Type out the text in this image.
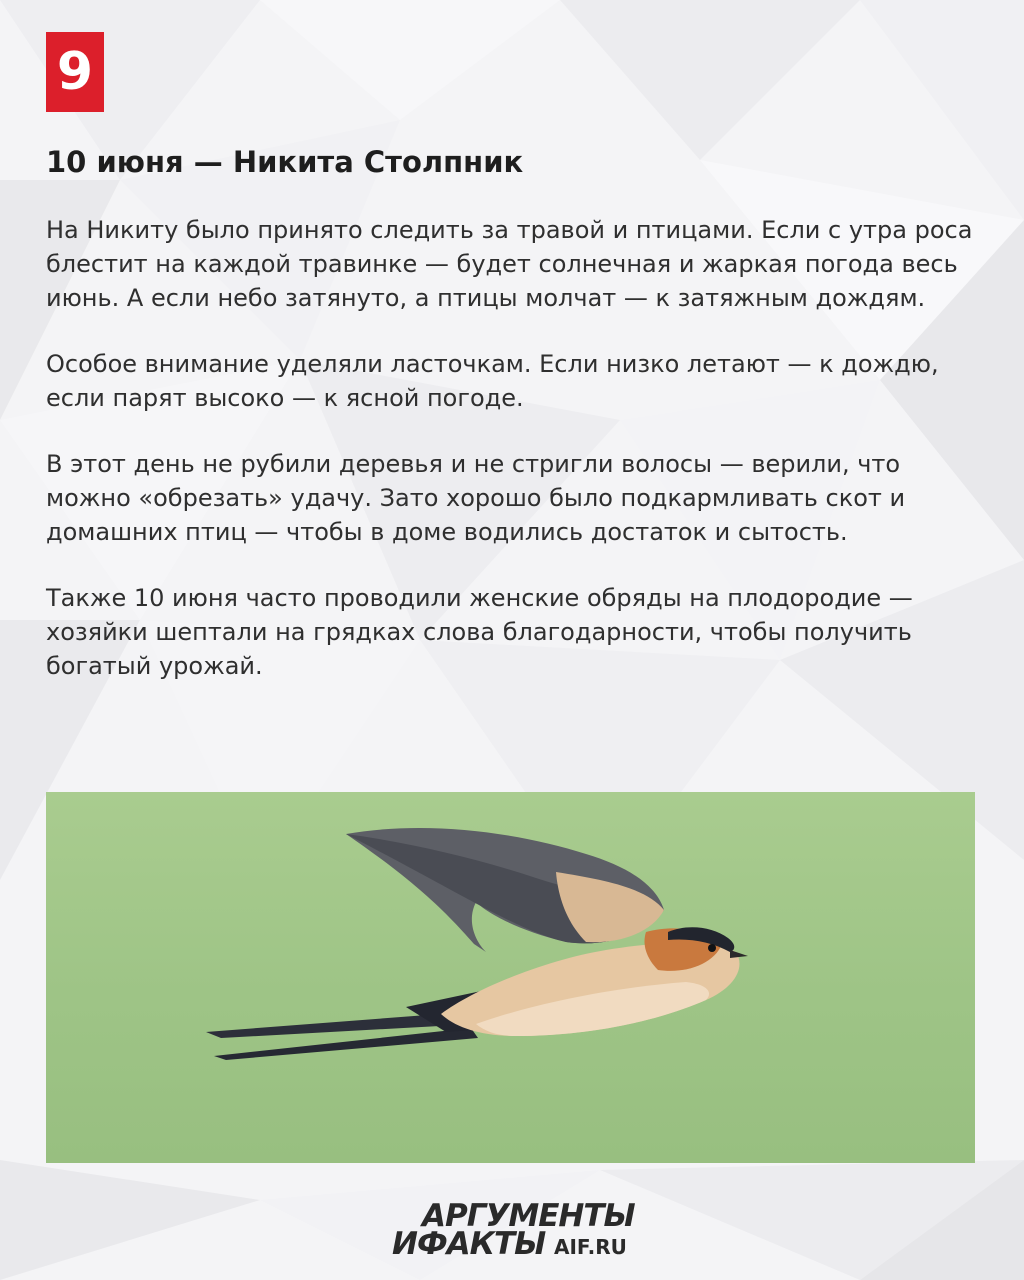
9
10 июня — Никита Столпник

На Никиту было принято следить за травой и птицами. Если с утра роса блестит на каждой травинке — будет солнечная и жаркая погода весь июнь. А если небо затянуто, а птицы молчат — к затяжным дождям.

Особое внимание уделяли ласточкам. Если низко летают — к дождю, если парят высоко — к ясной погоде.

В этот день не рубили деревья и не стригли волосы — верили, что можно «обрезать» удачу. Зато хорошо было подкармливать скот и домашних птиц — чтобы в доме водились достаток и сытость.

Также 10 июня часто проводили женские обряды на плодородие — хозяйки шептали на грядках слова благодарности, чтобы получить богатый урожай.

АРГУМЕНТЫ
ИФАКТЫ AIF.RU
